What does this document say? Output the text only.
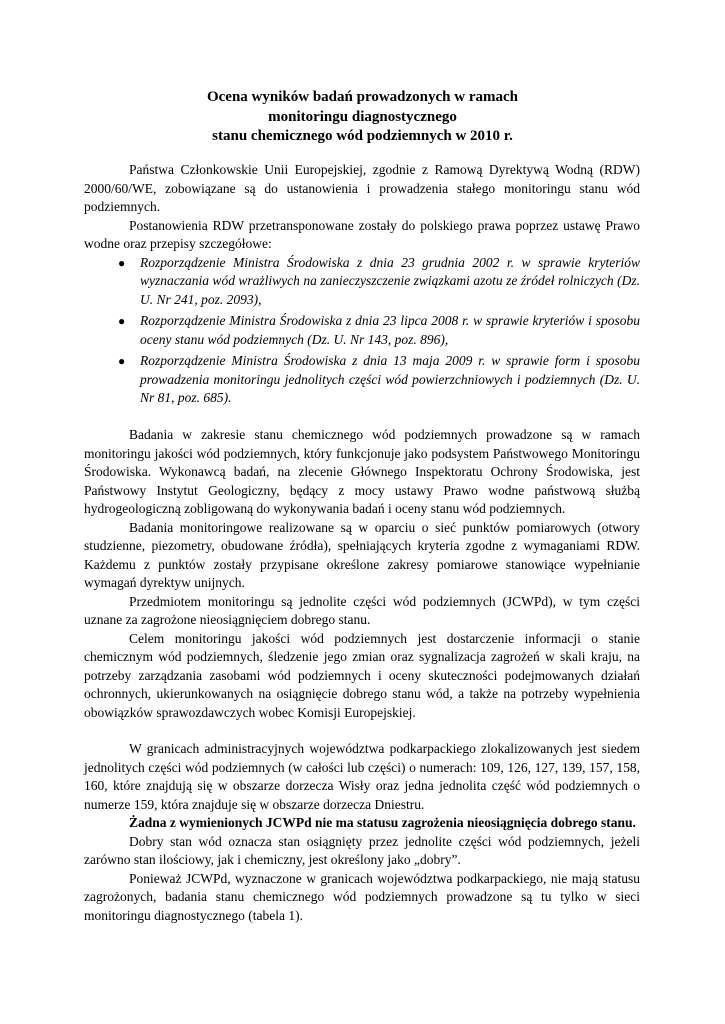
Ocena wyników badań prowadzonych w ramach
monitoringu diagnostycznego
stanu chemicznego wód podziemnych w 2010 r.

Państwa Członkowskie Unii Europejskiej, zgodnie z Ramową Dyrektywą Wodną (RDW) 2000/60/WE, zobowiązane są do ustanowienia i prowadzenia stałego monitoringu stanu wód podziemnych.

Postanowienia RDW przetransponowane zostały do polskiego prawa poprzez ustawę Prawo wodne oraz przepisy szczegółowe:

● Rozporządzenie Ministra Środowiska z dnia 23 grudnia 2002 r. w sprawie kryteriów wyznaczania wód wrażliwych na zanieczyszczenie związkami azotu ze źródeł rolniczych (Dz. U. Nr 241, poz. 2093),
● Rozporządzenie Ministra Środowiska z dnia 23 lipca 2008 r. w sprawie kryteriów i sposobu oceny stanu wód podziemnych (Dz. U. Nr 143, poz. 896),
● Rozporządzenie Ministra Środowiska z dnia 13 maja 2009 r. w sprawie form i sposobu prowadzenia monitoringu jednolitych części wód powierzchniowych i podziemnych (Dz. U. Nr 81, poz. 685).

Badania w zakresie stanu chemicznego wód podziemnych prowadzone są w ramach monitoringu jakości wód podziemnych, który funkcjonuje jako podsystem Państwowego Monitoringu Środowiska. Wykonawcą badań, na zlecenie Głównego Inspektoratu Ochrony Środowiska, jest Państwowy Instytut Geologiczny, będący z mocy ustawy Prawo wodne państwową służbą hydrogeologiczną zobligowaną do wykonywania badań i oceny stanu wód podziemnych.

Badania monitoringowe realizowane są w oparciu o sieć punktów pomiarowych (otwory studzienne, piezometry, obudowane źródła), spełniających kryteria zgodne z wymaganiami RDW. Każdemu z punktów zostały przypisane określone zakresy pomiarowe stanowiące wypełnianie wymagań dyrektyw unijnych.

Przedmiotem monitoringu są jednolite części wód podziemnych (JCWPd), w tym części uznane za zagrożone nieosiągnięciem dobrego stanu.

Celem monitoringu jakości wód podziemnych jest dostarczenie informacji o stanie chemicznym wód podziemnych, śledzenie jego zmian oraz sygnalizacja zagrożeń w skali kraju, na potrzeby zarządzania zasobami wód podziemnych i oceny skuteczności podejmowanych działań ochronnych, ukierunkowanych na osiągnięcie dobrego stanu wód, a także na potrzeby wypełnienia obowiązków sprawozdawczych wobec Komisji Europejskiej.

W granicach administracyjnych województwa podkarpackiego zlokalizowanych jest siedem jednolitych części wód podziemnych (w całości lub części) o numerach: 109, 126, 127, 139, 157, 158, 160, które znajdują się w obszarze dorzecza Wisły oraz jedna jednolita część wód podziemnych o numerze 159, która znajduje się w obszarze dorzecza Dniestru.

Żadna z wymienionych JCWPd nie ma statusu zagrożenia nieosiągnięcia dobrego stanu.

Dobry stan wód oznacza stan osiągnięty przez jednolite części wód podziemnych, jeżeli zarówno stan ilościowy, jak i chemiczny, jest określony jako „dobry”.

Ponieważ JCWPd, wyznaczone w granicach województwa podkarpackiego, nie mają statusu zagrożonych, badania stanu chemicznego wód podziemnych prowadzone są tu tylko w sieci monitoringu diagnostycznego (tabela 1).
